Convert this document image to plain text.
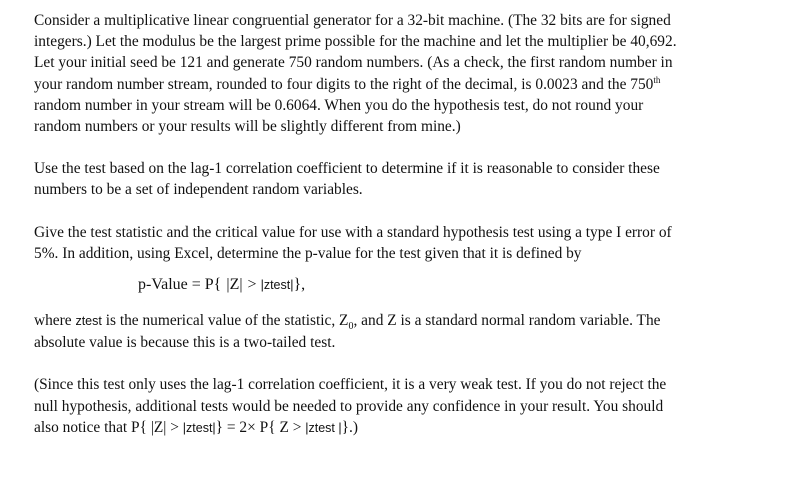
Consider a multiplicative linear congruential generator for a 32-bit machine. (The 32 bits are for signed
integers.) Let the modulus be the largest prime possible for the machine and let the multiplier be 40,692.
Let your initial seed be 121 and generate 750 random numbers. (As a check, the first random number in
your random number stream, rounded to four digits to the right of the decimal, is 0.0023 and the 750th
random number in your stream will be 0.6064. When you do the hypothesis test, do not round your
random numbers or your results will be slightly different from mine.)

Use the test based on the lag-1 correlation coefficient to determine if it is reasonable to consider these
numbers to be a set of independent random variables.

Give the test statistic and the critical value for use with a standard hypothesis test using a type I error of
5%. In addition, using Excel, determine the p-value for the test given that it is defined by

p-Value = P{ |Z| > |ztest|},

where ztest is the numerical value of the statistic, $Z_0$, and Z is a standard normal random variable. The
absolute value is because this is a two-tailed test.

(Since this test only uses the lag-1 correlation coefficient, it is a very weak test. If you do not reject the
null hypothesis, additional tests would be needed to provide any confidence in your result. You should
also notice that P{ |Z| > |ztest|} = 2× P{ Z > |ztest |}.)
